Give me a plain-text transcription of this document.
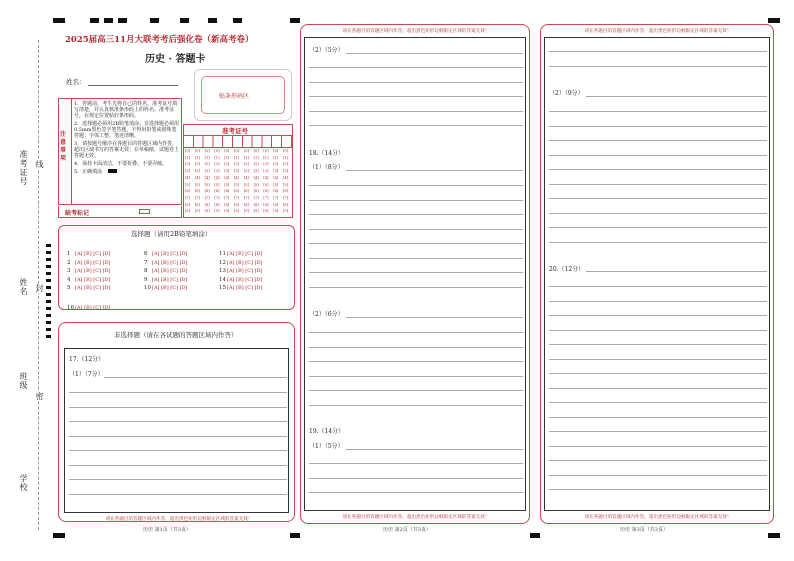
准考证号 线
姓名 封
班级
密
学校
2025届高三11月大联考考后强化卷（新高考卷）
历史 · 答题卡
姓名：
贴条形码区
注意事项
1．答题前，考生先将自己的姓名、准考证号填写清楚，并认真核准条形码上的姓名、准考证号，在规定位置贴好条形码。
2．选择题必须用2B铅笔填涂；非选择题必须用0.5mm黑色签字笔答题，不得用铅笔或圆珠笔答题；字体工整、笔迹清晰。
3．请按题号顺序在各题目的答题区域内作答，超出区域书写的答案无效；在草稿纸、试题卷上答题无效。
4．保持卡面清洁，不要折叠、不要弄破。
5．正确填涂
缺考标记
准考证号
[0]
[1]
[2]
[3]
[4]
[5]
[6]
[7]
[8]
[9]
[0]
[1]
[2]
[3]
[4]
[5]
[6]
[7]
[8]
[9]
[0]
[1]
[2]
[3]
[4]
[5]
[6]
[7]
[8]
[9]
[0]
[1]
[2]
[3]
[4]
[5]
[6]
[7]
[8]
[9]
[0]
[1]
[2]
[3]
[4]
[5]
[6]
[7]
[8]
[9]
[0]
[1]
[2]
[3]
[4]
[5]
[6]
[7]
[8]
[9]
[0]
[1]
[2]
[3]
[4]
[5]
[6]
[7]
[8]
[9]
[0]
[1]
[2]
[3]
[4]
[5]
[6]
[7]
[8]
[9]
[0]
[1]
[2]
[3]
[4]
[5]
[6]
[7]
[8]
[9]
[0]
[1]
[2]
[3]
[4]
[5]
[6]
[7]
[8]
[9]
[0]
[1]
[2]
[3]
[4]
[5]
[6]
[7]
[8]
[9]
选择题（请用2B铅笔填涂）
1 [A] [B] [C] [D]
2 [A] [B] [C] [D]
3 [A] [B] [C] [D]
4 [A] [B] [C] [D]
5 [A] [B] [C] [D]
6 [A] [B] [C] [D]
7 [A] [B] [C] [D]
8 [A] [B] [C] [D]
9 [A] [B] [C] [D]
10[A] [B] [C] [D]
11[A] [B] [C] [D]
12[A] [B] [C] [D]
13[A] [B] [C] [D]
14[A] [B] [C] [D]
15[A] [B] [C] [D]
16[A] [B] [C] [D]
非选择题（请在各试题的答题区域内作答）
17.（12分）
（1）（7分）
请在各题目的答题区域内作答，超出黑色矩形边框限定区域的答案无效！
历史 第1页（共3页）
请在各题目的答题区域内作答，超出黑色矩形边框限定区域的答案无效！
（2）（5分）
18.（14分）
（1）（8分）
（2）（6分）
19.（14分）
（1）（5分）
请在各题目的答题区域内作答，超出黑色矩形边框限定区域的答案无效！
历史 第2页（共3页）
请在各题目的答题区域内作答，超出黑色矩形边框限定区域的答案无效！
（2）（9分）
20.（12分）
请在各题目的答题区域内作答，超出黑色矩形边框限定区域的答案无效！
历史 第3页（共3页）
